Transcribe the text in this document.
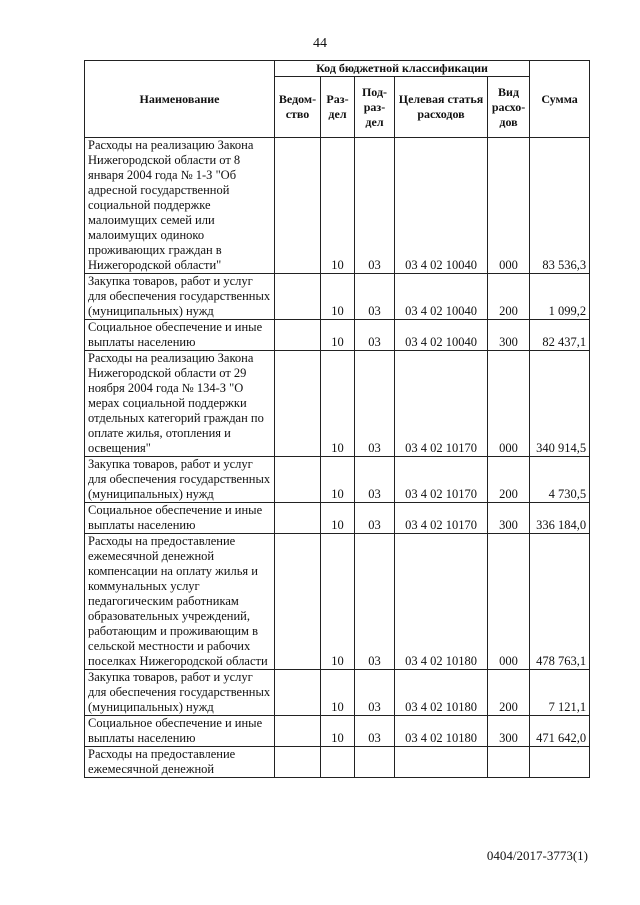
44
Наименование	Код бюджетной классификации					Сумма
	Ведом-ство	Раз-дел	Под-раз-дел	Целевая статья расходов	Вид расхо-дов	
Расходы на реализацию Закона Нижегородской области от 8 января 2004 года № 1-З "Об адресной государственной социальной поддержке малоимущих семей или малоимущих одиноко проживающих граждан в Нижегородской области"		10	03	03 4 02 10040	000	83 536,3
Закупка товаров, работ и услуг для обеспечения государственных (муниципальных) нужд		10	03	03 4 02 10040	200	1 099,2
Социальное обеспечение и иные выплаты населению		10	03	03 4 02 10040	300	82 437,1
Расходы на реализацию Закона Нижегородской области от 29 ноября 2004 года № 134-З "О мерах социальной поддержки отдельных категорий граждан по оплате жилья, отопления и освещения"		10	03	03 4 02 10170	000	340 914,5
Закупка товаров, работ и услуг для обеспечения государственных (муниципальных) нужд		10	03	03 4 02 10170	200	4 730,5
Социальное обеспечение и иные выплаты населению		10	03	03 4 02 10170	300	336 184,0
Расходы на предоставление ежемесячной денежной компенсации на оплату жилья и коммунальных услуг педагогическим работникам образовательных учреждений, работающим и проживающим в сельской местности и рабочих поселках Нижегородской области		10	03	03 4 02 10180	000	478 763,1
Закупка товаров, работ и услуг для обеспечения государственных (муниципальных) нужд		10	03	03 4 02 10180	200	7 121,1
Социальное обеспечение и иные выплаты населению		10	03	03 4 02 10180	300	471 642,0
Расходы на предоставление ежемесячной денежной						
0404/2017-3773(1)
